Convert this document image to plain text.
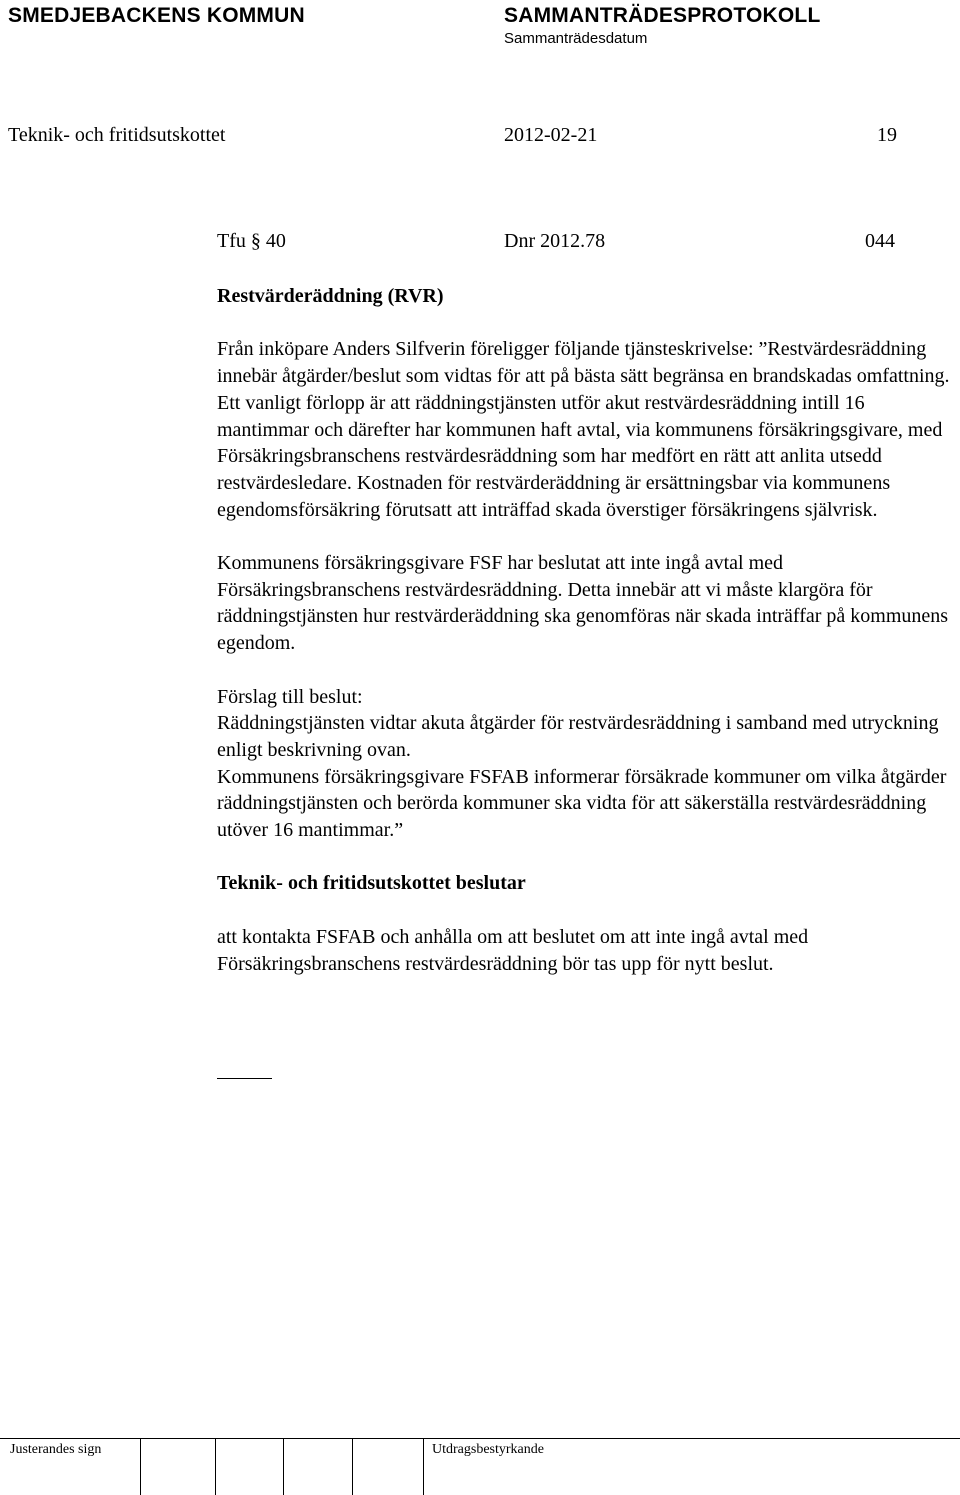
SMEDJEBACKENS KOMMUN	SAMMANTRÄDESPROTOKOLL
Sammanträdesdatum
Teknik- och fritidsutskottet	2012-02-21	19
Tfu § 40	Dnr 2012.78	044

Restvärderäddning (RVR)

Från inköpare Anders Silfverin föreligger följande tjänsteskrivelse: ”Restvärdesräddning innebär åtgärder/beslut som vidtas för att på bästa sätt begränsa en brandskadas omfattning. Ett vanligt förlopp är att räddningstjänsten utför akut restvärdesräddning intill 16 mantimmar och därefter har kommunen haft avtal, via kommunens försäkringsgivare, med Försäkringsbranschens restvärdesräddning som har medfört en rätt att anlita utsedd restvärdesledare. Kostnaden för restvärderäddning är ersättningsbar via kommunens egendomsförsäkring förutsatt att inträffad skada överstiger försäkringens självrisk.

Kommunens försäkringsgivare FSF har beslutat att inte ingå avtal med Försäkringsbranschens restvärdesräddning. Detta innebär att vi måste klargöra för räddningstjänsten hur restvärderäddning ska genomföras när skada inträffar på kommunens egendom.

Förslag till beslut:

Räddningstjänsten vidtar akuta åtgärder för restvärdesräddning i samband med utryckning enligt beskrivning ovan.

Kommunens försäkringsgivare FSFAB informerar försäkrade kommuner om vilka åtgärder räddningstjänsten och berörda kommuner ska vidta för att säkerställa restvärdesräddning utöver 16 mantimmar.”

Teknik- och fritidsutskottet beslutar

att kontakta FSFAB och anhålla om att beslutet om att inte ingå avtal med Försäkringsbranschens restvärdesräddning bör tas upp för nytt beslut.

Justerandes sign	Utdragsbestyrkande
